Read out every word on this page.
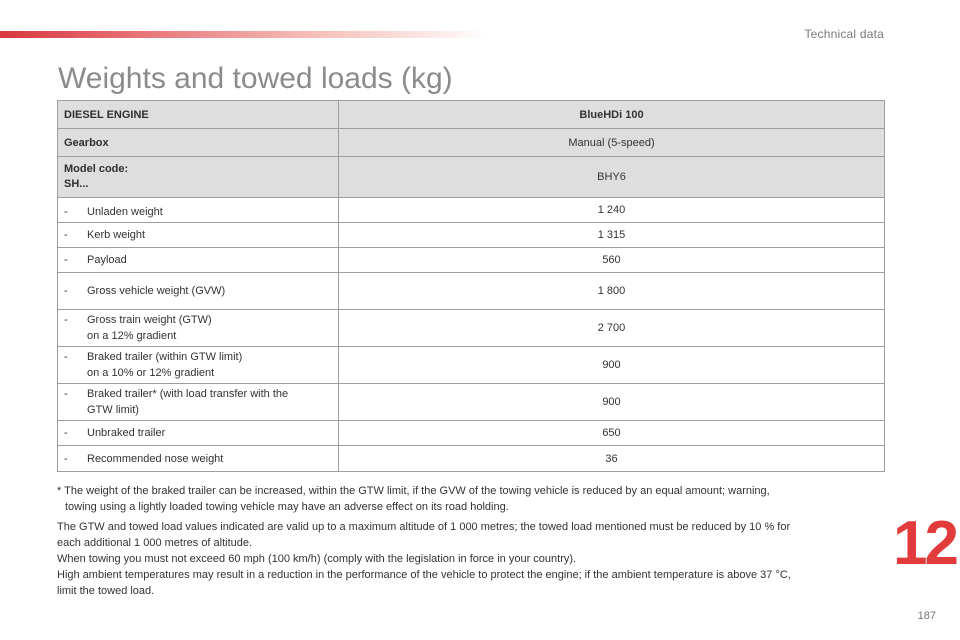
Technical data
Weights and towed loads (kg)
DIESEL ENGINE	BlueHDi 100
Gearbox	Manual (5-speed)

Model code:
SH...	BHY6

- Unladen weight	1 240

- Kerb weight	1 315

- Payload	560

- Gross vehicle weight (GVW)	1 800

- Gross train weight (GTW)
on a 12% gradient	2 700

- Braked trailer (within GTW limit)
on a 10% or 12% gradient	900

- Braked trailer* (with load transfer with the
GTW limit)	900

- Unbraked trailer	650

- Recommended nose weight	36
* The weight of the braked trailer can be increased, within the GTW limit, if the GVW of the towing vehicle is reduced by an equal amount; warning,
towing using a lightly loaded towing vehicle may have an adverse effect on its road holding.
The GTW and towed load values indicated are valid up to a maximum altitude of 1 000 metres; the towed load mentioned must be reduced by 10 % for
each additional 1 000 metres of altitude.
When towing you must not exceed 60 mph (100 km/h) (comply with the legislation in force in your country).
High ambient temperatures may result in a reduction in the performance of the vehicle to protect the engine; if the ambient temperature is above 37 °C,
limit the towed load.
12
187
